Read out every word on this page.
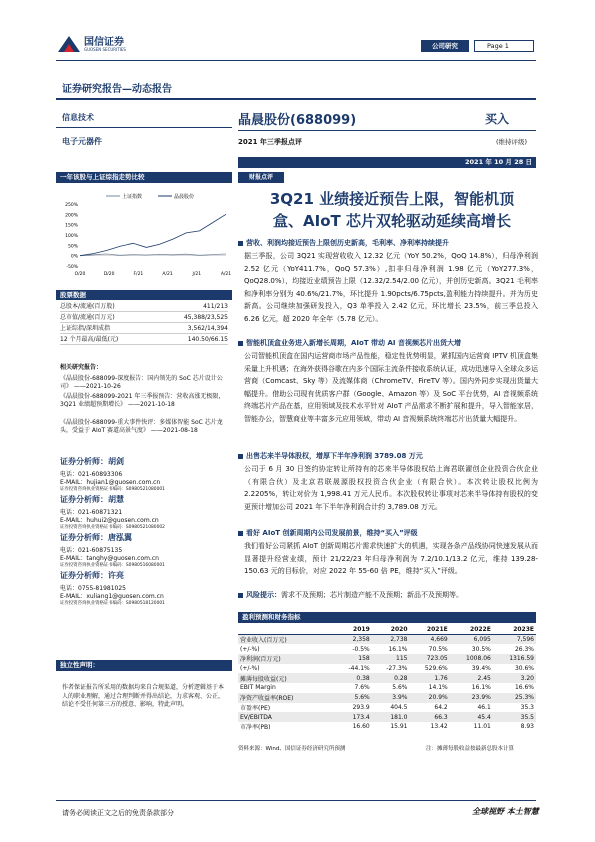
国信证券
GUOSEN SECURITIES	公司研究	Page 1
证券研究报告—动态报告
信息技术
电子元器件
晶晨股份(688099)	买入
2021 年三季报点评	(维持评级)
2021 年 10 月 28 日
一年该股与上证综指走势比较
250%
200%
150%
100%
50%
0%
-50%
O/20	D/20	F/21	A/21	J/21	A/21
上证指数	晶晨股份
股票数据
总股本/流通(百万股)	411/213
总市值/流通(百万元)	45,388/23,525
上证综指/深圳成指	3,562/14,394
12 个月最高/最低(元)	140.50/66.15
相关研究报告：
《晶晨股份-688099-深度报告：国内领先的 SoC 芯片设计公司》 ——2021-10-26
《晶晨股份-688099-2021 年三季报预告：营收高涨无极限，3Q21 业绩超预期增长》 ——2021-10-18
《晶晨股份-688099-重大事件快评：多媒体智能 SoC 芯片龙头，受益于 AIoT 赛道高景气度》 ——2021-08-18
证券分析师：胡剑
电话：021-60893306
E-MAIL：hujian1@guosen.com.cn
证券投资咨询执业资格证书编码：S0980521080001
证券分析师：胡慧
电话：021-60871321
E-MAIL：huhui2@guosen.com.cn
证券投资咨询执业资格证书编码：S0980521080002
证券分析师：唐泓翼
电话：021-60875135
E-MAIL：tanghy@guosen.com.cn
证券投资咨询执业资格证书编码：S0980516080001
证券分析师：许亮
电话：0755-81981025
E-MAIL：xuliang1@guosen.com.cn
证券投资咨询执业资格证书编码：S0980518120001
独立性声明：
作者保证报告所采用的数据均来自合规渠道，分析逻辑基于本人的职业理解，通过合理判断并得出结论，力求客观、公正，结论不受任何第三方的授意、影响，特此声明。
财报点评
3Q21 业绩接近预告上限，智能机顶
盒、AIoT 芯片双轮驱动延续高增长
营收、利润均接近预告上限创历史新高，毛利率、净利率持续提升
据三季报，公司 3Q21 实现营收收入 12.32 亿元（YoY 50.2%，QoQ 14.8%），归母净利润 2.52 亿元（YoY411.7%，QoQ 57.3%）,扣非归母净利润 1.98 亿元（YoY277.3%，QoQ28.0%），均接近业绩预告上限（12.32/2.54/2.00 亿元），并创历史新高。3Q21 毛利率和净利率分别为 40.6%/21.7%，环比提升 1.90pcts/6.75pcts,盈利能力持续提升。并为历史新高。公司继续加强研发投入，Q3 单季投入 2.42 亿元，环比增长 23.5%，前三季总投入 6.26 亿元，超 2020 年全年（5.78 亿元）。
智能机顶盒业务进入新增长周期，AIoT 带动 AI 音视频芯片出货大增
公司智能机顶盒在国内运营商市场产品性能，稳定性优势明显，紧抓国内运营商 IPTV 机顶盒集采量上升机遇；在海外获得谷歌在内多个国际主流条件接收系统认证，成功迅速导入全球众多运营商（Comcast、Sky 等）及流媒体商（ChromeTV、FireTV 等）。国内外同步实现出货量大幅提升。借助公司现有优质客户群（Google、Amazon 等）及 SoC 平台优势，AI 音视频系统终端芯片产品在基，应用领域及技术水平针对 AIoT 产品需求不断扩展和提升，导入智能家居，智能办公，智慧商业等丰富多元应用领域，带动 AI 音视频系统终端芯片出货量大幅提升。
出售芯来半导体股权，增厚下半年净利润 3789.08 万元
公司于 6 月 30 日签约协定转让所持有的芯来半导体股权给上海君联濯创企业投资合伙企业（有限合伙）及北京君联晟源股权投资合伙企业（有限合伙）。本次转让股权比例为 2.2205%，转让对价为 1,998.41 万元人民币。本次股权转让事项对芯来半导体持有股权的变更预计增加公司 2021 年下半年净利润合计约 3,789.08 万元。
看好 AIoT 创新周期内公司发展前景，维持“买入”评级
我们看好公司紧抓 AIoT 创新周期芯片需求快速扩大的机遇，实现各条产品线协同快速发展从而显著提升经营业绩，预计 21/22/23 年归母净利润为 7.2/10.1/13.2 亿元，维持 139.28-150.63 元的目标价，对应 2022 年 55-60 倍 PE，维持“买入”评级。
风险提示：需求不及预期；芯片制造产能不及预期；新品不及预期等。
盈利预测和财务指标
	2019	2020	2021E	2022E	2023E
营业收入(百万元)	2,358	2,738	4,669	6,095	7,596
(+/-%)	-0.5%	16.1%	70.5%	30.5%	26.3%
净利润(百万元)	158	115	723.05	1008.06	1316.59
(+/-%)	-44.1%	-27.3%	529.6%	39.4%	30.6%
摊薄每股收益(元)	0.38	0.28	1.76	2.45	3.20
EBIT Margin	7.6%	5.6%	14.1%	16.1%	16.6%
净资产收益率(ROE)	5.6%	3.9%	20.9%	23.9%	25.3%
市盈率(PE)	293.9	404.5	64.2	46.1	35.3
EV/EBITDA	173.4	181.0	66.3	45.4	35.5
市净率(PB)	16.60	15.91	13.42	11.01	8.93
资料来源：Wind、国信证券经济研究所预测	注：摊薄每股收益按最新总股本计算
请务必阅读正文之后的免责条款部分	全球视野 本土智慧
